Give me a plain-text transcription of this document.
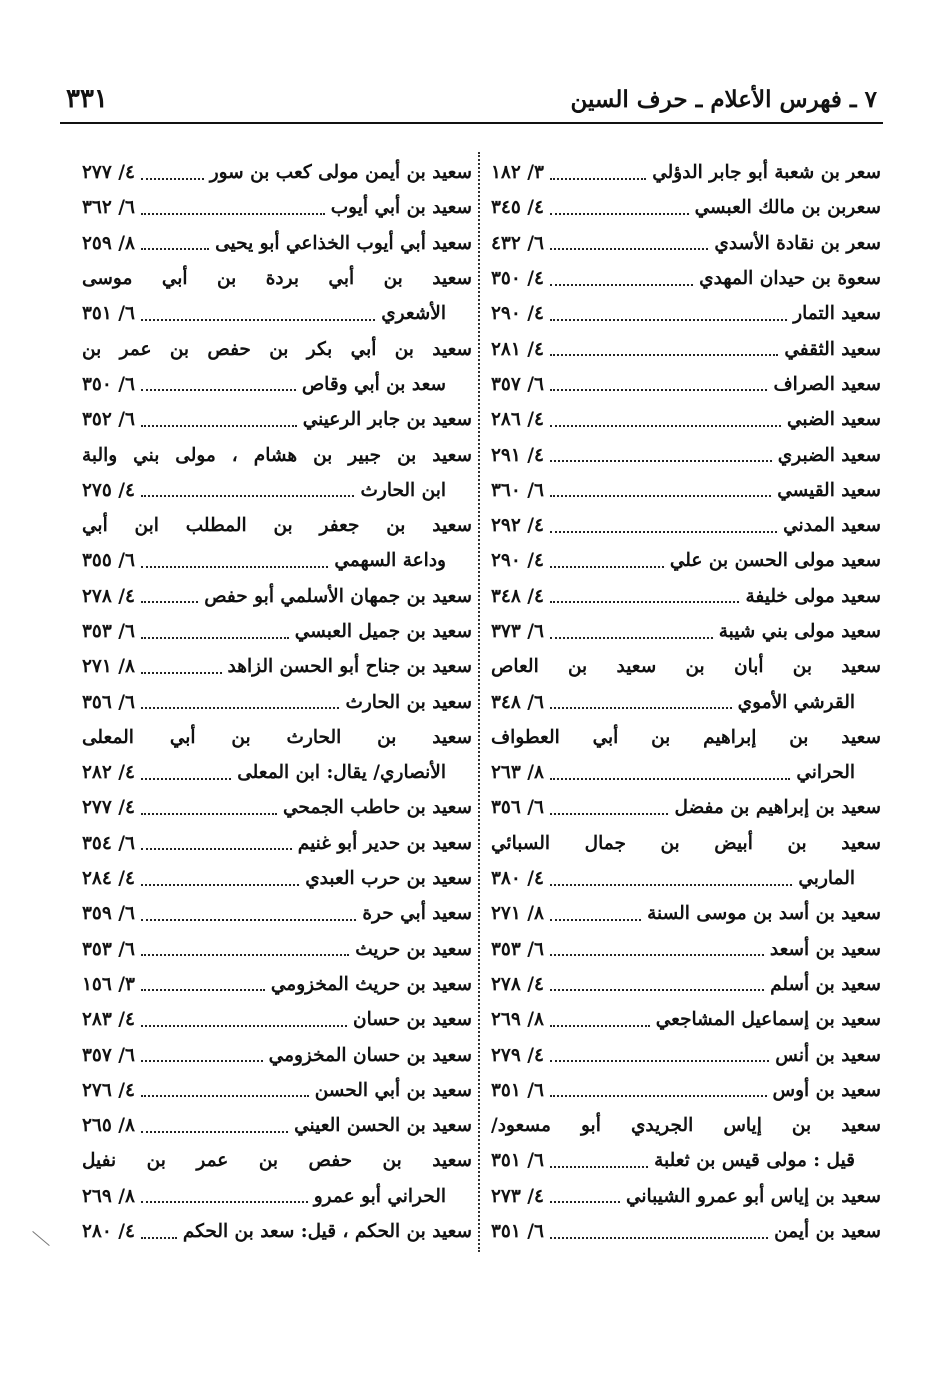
٧ ـ فهرس الأعلام ـ حرف السين
٣٣١
سعر بن شعبة أبو جابر الدؤلي
٣/ ١٨٢
سعربن بن مالك العبسي
٤/ ٣٤٥
سعر بن نقادة الأسدي
٦/ ٤٣٢
سعوة بن حيدان المهدي
٤/ ٣٥٠
سعيد التمار
٤/ ٢٩٠
سعيد الثقفي
٤/ ٢٨١
سعيد الصراف
٦/ ٣٥٧
سعيد الضبي
٤/ ٢٨٦
سعيد الضبري
٤/ ٢٩١
سعيد القيسي
٦/ ٣٦٠
سعيد المدني
٤/ ٢٩٢
سعيد مولى الحسن بن علي
٤/ ٢٩٠
سعيد مولى خليفة
٤/ ٣٤٨
سعيد مولى بني شيبة
٦/ ٣٧٣
سعيد بن أبان بن سعيد بن العاص
القرشي الأموي
٦/ ٣٤٨
سعيد بن إبراهيم بن أبي العطواف
الحراني
٨/ ٢٦٣
سعيد بن إبراهيم بن مفضل
٦/ ٣٥٦
سعيد بن أبيض بن جمال السبائي
الماربي
٤/ ٣٨٠
سعيد بن أسد بن موسى السنة
٨/ ٢٧١
سعيد بن أسعد
٦/ ٣٥٣
سعيد بن أسلم
٤/ ٢٧٨
سعيد بن إسماعيل المشاجعي
٨/ ٢٦٩
سعيد بن أنس
٤/ ٢٧٩
سعيد بن أوس
٦/ ٣٥١
سعيد بن إياس الجريدي أبو مسعود/
قيل : مولى قيس بن ثعلبة
٦/ ٣٥١
سعيد بن إياس أبو عمرو الشيباني
٤/ ٢٧٣
سعيد بن أيمن
٦/ ٣٥١
سعيد بن أيمن مولى كعب بن سور
٤/ ٢٧٧
سعيد بن أبي أيوب
٦/ ٣٦٢
سعيد أبي أيوب الخذاعي أبو يحيى
٨/ ٢٥٩
سعيد بن أبي بردة بن أبي موسى
الأشعري
٦/ ٣٥١
سعيد بن أبي بكر بن حفص بن عمر بن
سعد بن أبي وقاص
٦/ ٣٥٠
سعيد بن جابر الرعيني
٦/ ٣٥٢
سعيد بن جبير بن هشام ، مولى بني والبة
ابن الحارث
٤/ ٢٧٥
سعيد بن جعفر بن المطلب ابن أبي
وداعة السهمي
٦/ ٣٥٥
سعيد بن جمهان الأسلمي أبو حفص
٤/ ٢٧٨
سعيد بن جميل العبسي
٦/ ٣٥٣
سعيد بن جناح أبو الحسن الزاهد
٨/ ٢٧١
سعيد بن الحارث
٦/ ٣٥٦
سعيد بن الحارث بن أبي المعلى
الأنصاري/ يقال: ابن المعلى
٤/ ٢٨٢
سعيد بن حاطب الجمحي
٤/ ٢٧٧
سعيد بن حدير أبو غنيم
٦/ ٣٥٤
سعيد بن حرب العبدي
٤/ ٢٨٤
سعيد أبي حرة
٦/ ٣٥٩
سعيد بن حريث
٦/ ٣٥٣
سعيد بن حريث المخزومي
٣/ ١٥٦
سعيد بن حسان
٤/ ٢٨٣
سعيد بن حسان المخزومي
٦/ ٣٥٧
سعيد بن أبي الحسن
٤/ ٢٧٦
سعيد بن الحسن العيني
٨/ ٢٦٥
سعيد بن حفص بن عمر بن نفيل
الحراني أبو عمرو
٨/ ٢٦٩
سعيد بن الحكم ، قيل: سعد بن الحكم
٤/ ٢٨٠
